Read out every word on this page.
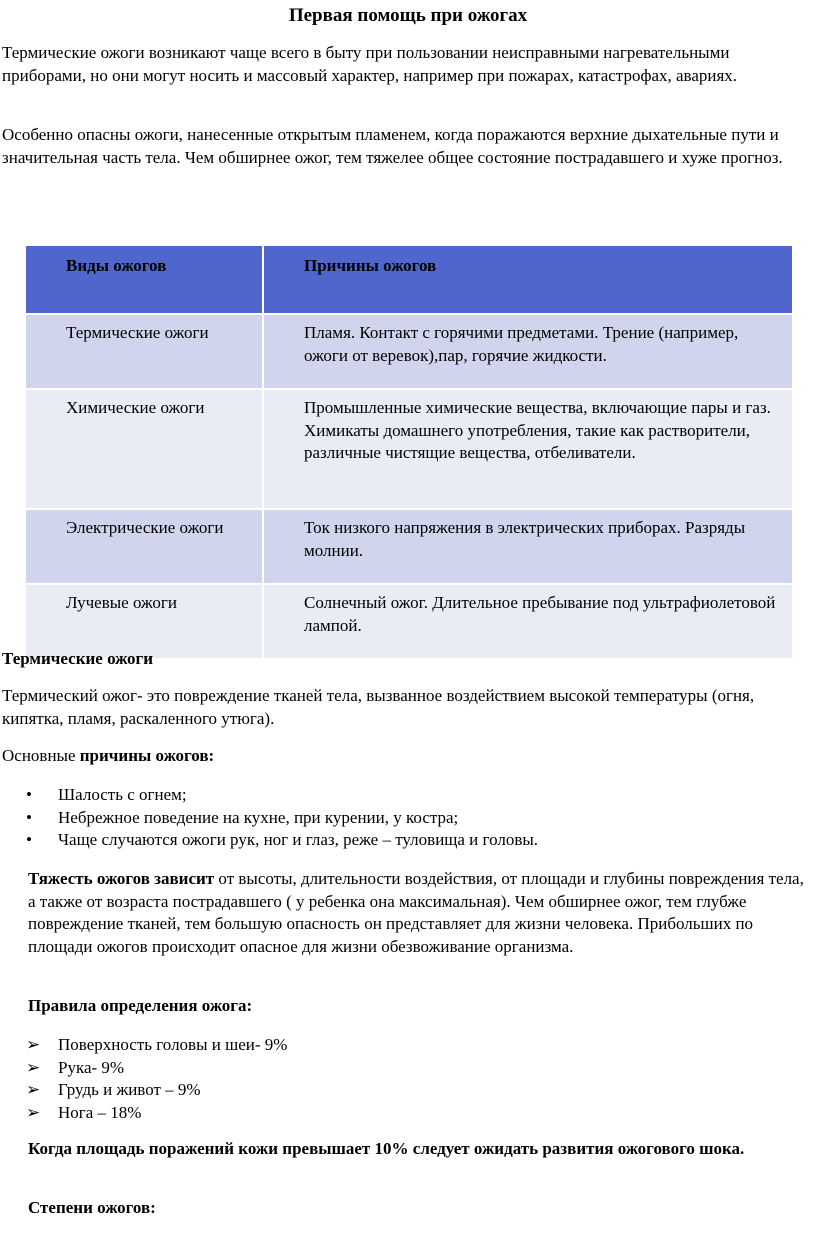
Первая помощь при ожогах
Термические ожоги возникают чаще всего в быту при пользовании неисправными нагревательными приборами, но они могут носить и массовый характер, например при пожарах, катастрофах, авариях.
Особенно опасны ожоги, нанесенные открытым пламенем, когда поражаются верхние дыхательные пути и значительная часть тела. Чем обширнее ожог, тем тяжелее общее состояние пострадавшего и хуже прогноз.
Виды ожогов	Причины ожогов

Термические ожоги	Пламя. Контакт с горячими предметами. Трение (например, ожоги от веревок),пар, горячие жидкости.

Химические ожоги	Промышленные химические вещества, включающие пары и газ. Химикаты домашнего употребления, такие как растворители, различные чистящие вещества, отбеливатели.

Электрические ожоги	Ток низкого напряжения в электрических приборах. Разряды молнии.

Лучевые ожоги	Солнечный ожог. Длительное пребывание под ультрафиолетовой лампой.
Термические ожоги
Термический ожог- это повреждение тканей тела, вызванное воздействием высокой температуры (огня, кипятка, пламя, раскаленного утюга).
Основные причины ожогов:
•	Шалость с огнем;
•	Небрежное поведение на кухне, при курении, у костра;
•	Чаще случаются ожоги рук, ног и глаз, реже – туловища и головы.
Тяжесть ожогов зависит от высоты, длительности воздействия, от площади и глубины повреждения тела, а также от возраста пострадавшего ( у ребенка она максимальная). Чем обширнее ожог, тем глубже повреждение тканей, тем большую опасность он представляет для жизни человека. Прибольших по площади ожогов происходит опасное для жизни обезвоживание организма.
Правила определения ожога:
➢	Поверхность головы и шеи- 9%
➢	Рука- 9%
➢	Грудь и живот – 9%
➢	Нога – 18%
Когда площадь поражений кожи превышает 10% следует ожидать развития ожогового шока.
Степени ожогов:
